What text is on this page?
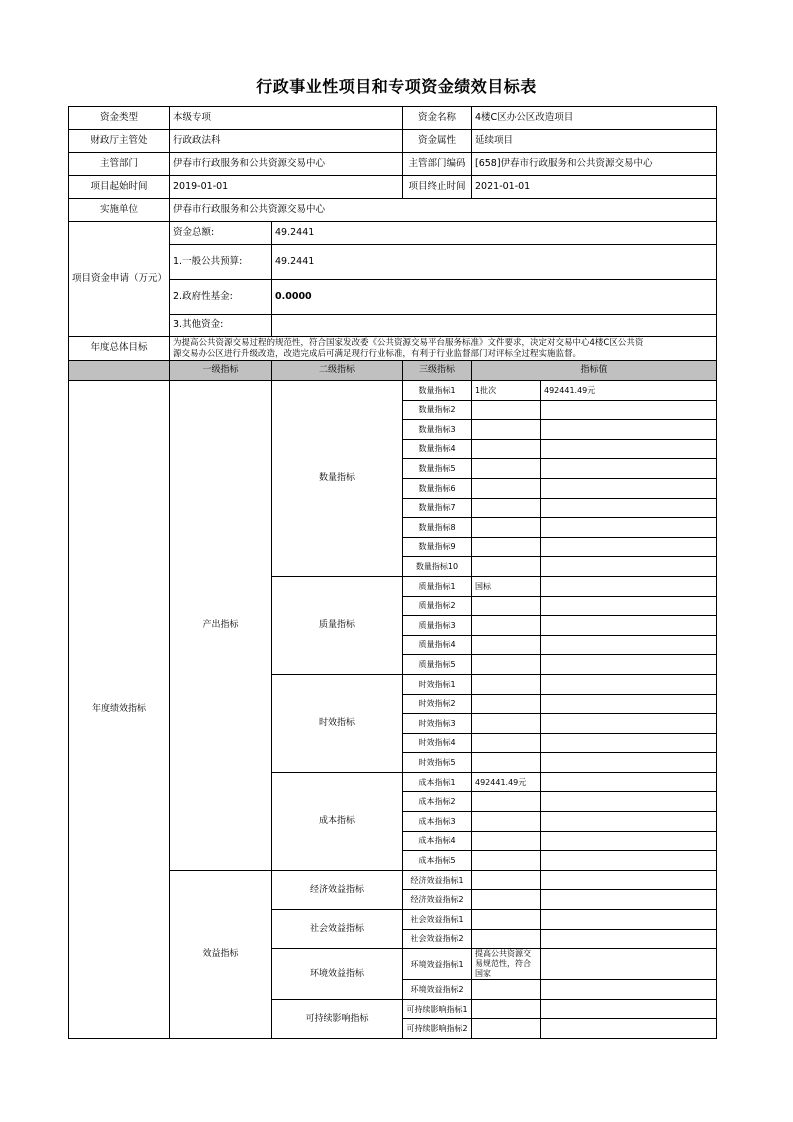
行政事业性项目和专项资金绩效目标表
资金类型	本级专项		资金名称	4楼C区办公区改造项目
财政厅主管处	行政政法科		资金属性	延续项目
主管部门	伊春市行政服务和公共资源交易中心		主管部门编码	[658]伊春市行政服务和公共资源交易中心
项目起始时间	2019-01-01		项目终止时间	2021-01-01
实施单位	伊春市行政服务和公共资源交易中心			
项目资金申请（万元）	资金总额:	49.2441		
	1.一般公共预算:	49.2441		
	2.政府性基金:	0.0000		
	3.其他资金:			
年度总体目标	为提高公共资源交易过程的规范性，符合国家发改委《公共资源交易平台服务标准》文件要求，决定对交易中心4楼C区公共资
源交易办公区进行升级改造，改造完成后可满足现行行业标准，有利于行业监督部门对评标全过程实施监督。			
	一级指标	二级指标	三级指标	指标值	
年度绩效指标	产出指标	数量指标	数量指标1	1批次	492441.49元
			数量指标2		
			数量指标3		
			数量指标4		
			数量指标5		
			数量指标6		
			数量指标7		
			数量指标8		
			数量指标9		
			数量指标10		
		质量指标	质量指标1	国标	
			质量指标2		
			质量指标3		
			质量指标4		
			质量指标5		
		时效指标	时效指标1		
			时效指标2		
			时效指标3		
			时效指标4		
			时效指标5		
		成本指标	成本指标1	492441.49元	
			成本指标2		
			成本指标3		
			成本指标4		
			成本指标5		
	效益指标	经济效益指标	经济效益指标1		
			经济效益指标2		
		社会效益指标	社会效益指标1		
			社会效益指标2		
		环境效益指标	环境效益指标1	提高公共资源交易规范性，符合国家	
			环境效益指标2		
		可持续影响指标	可持续影响指标1		
			可持续影响指标2		
